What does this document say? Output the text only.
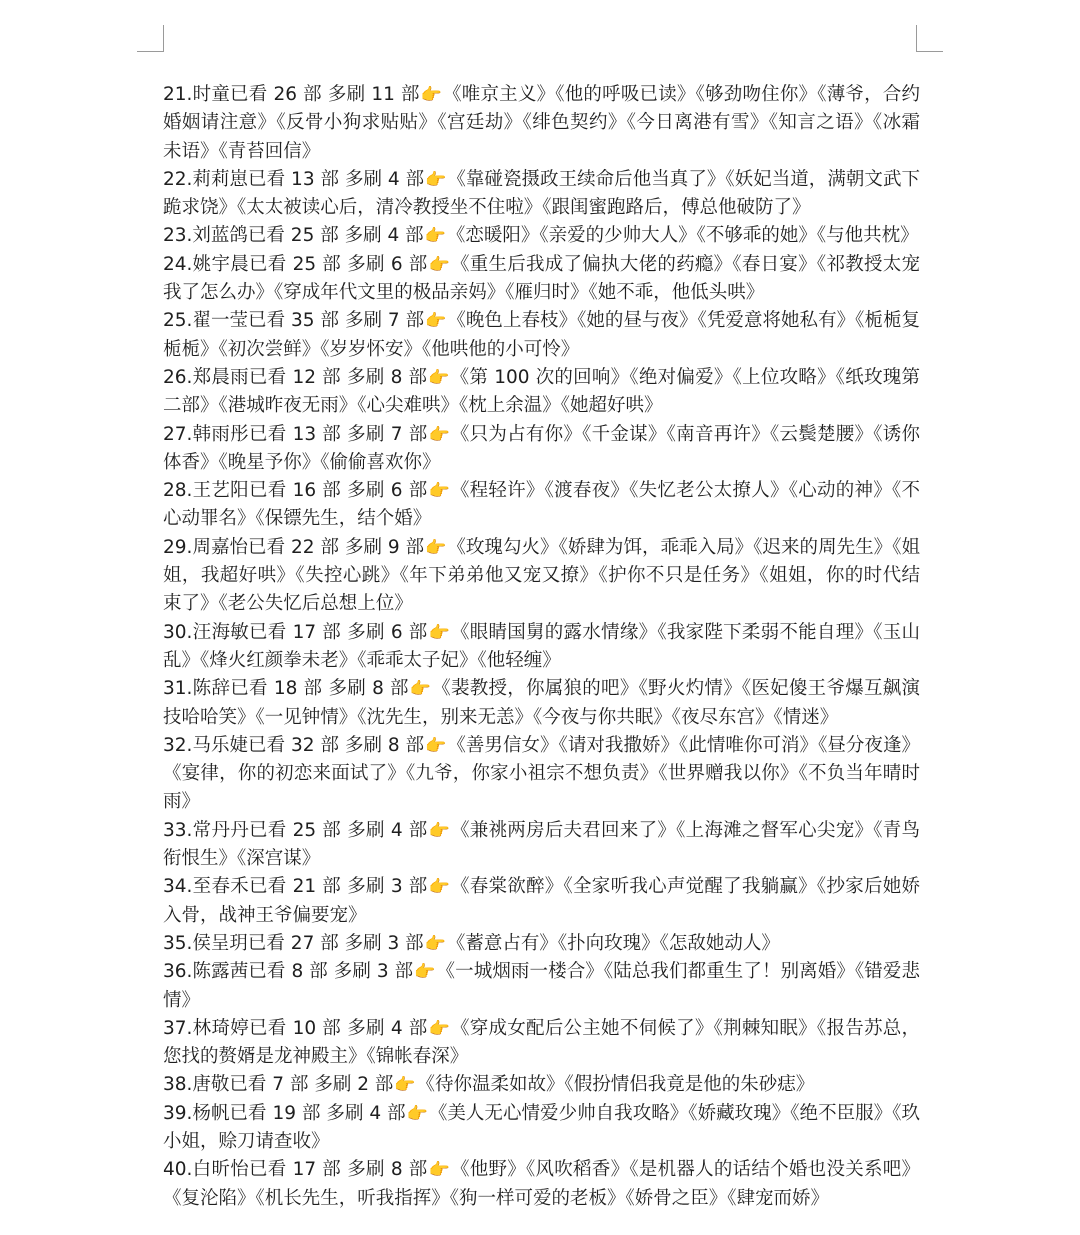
21.时童已看 26 部 多刷 11 部👉《唯京主义》《他的呼吸已读》《够劲吻住你》《薄爷，合约婚姻请注意》《反骨小狗求贴贴》《宫廷劫》《绯色契约》《今日离港有雪》《知言之语》《冰霜未语》《青苔回信》
22.莉莉崽已看 13 部 多刷 4 部👉《靠碰瓷摄政王续命后他当真了》《妖妃当道，满朝文武下跪求饶》《太太被读心后，清冷教授坐不住啦》《跟闺蜜跑路后，傅总他破防了》
23.刘蓝鸽已看 25 部 多刷 4 部👉《恋暖阳》《亲爱的少帅大人》《不够乖的她》《与他共枕》
24.姚宇晨已看 25 部 多刷 6 部👉《重生后我成了偏执大佬的药瘾》《春日宴》《祁教授太宠我了怎么办》《穿成年代文里的极品亲妈》《雁归时》《她不乖，他低头哄》
25.翟一莹已看 35 部 多刷 7 部👉《晚色上春枝》《她的昼与夜》《凭爱意将她私有》《栀栀复栀栀》《初次尝鲜》《岁岁怀安》《他哄他的小可怜》
26.郑晨雨已看 12 部 多刷 8 部👉《第 100 次的回响》《绝对偏爱》《上位攻略》《纸玫瑰第二部》《港城昨夜无雨》《心尖难哄》《枕上余温》《她超好哄》
27.韩雨彤已看 13 部 多刷 7 部👉《只为占有你》《千金谋》《南音再许》《云鬓楚腰》《诱你体香》《晚星予你》《偷偷喜欢你》
28.王艺阳已看 16 部 多刷 6 部👉《程轻许》《渡春夜》《失忆老公太撩人》《心动的神》《不心动罪名》《保镖先生，结个婚》
29.周嘉怡已看 22 部 多刷 9 部👉《玫瑰勾火》《娇肆为饵，乖乖入局》《迟来的周先生》《姐姐，我超好哄》《失控心跳》《年下弟弟他又宠又撩》《护你不只是任务》《姐姐，你的时代结束了》《老公失忆后总想上位》
30.汪海敏已看 17 部 多刷 6 部👉《眼睛国舅的露水情缘》《我家陛下柔弱不能自理》《玉山乱》《烽火红颜拳未老》《乖乖太子妃》《他轻缠》
31.陈辞已看 18 部 多刷 8 部👉《裴教授，你属狼的吧》《野火灼情》《医妃傻王爷爆互飙演技哈哈笑》《一见钟情》《沈先生，别来无恙》《今夜与你共眠》《夜尽东宫》《情迷》
32.马乐婕已看 32 部 多刷 8 部👉《善男信女》《请对我撒娇》《此情唯你可消》《昼分夜逢》《宴律，你的初恋来面试了》《九爷，你家小祖宗不想负责》《世界赠我以你》《不负当年晴时雨》
33.常丹丹已看 25 部 多刷 4 部👉《兼祧两房后夫君回来了》《上海滩之督军心尖宠》《青鸟衔恨生》《深宫谋》
34.至春禾已看 21 部 多刷 3 部👉《春棠欲醉》《全家听我心声觉醒了我躺赢》《抄家后她娇入骨，战神王爷偏要宠》
35.侯呈玥已看 27 部 多刷 3 部👉《蓄意占有》《扑向玫瑰》《怎敌她动人》
36.陈露茜已看 8 部 多刷 3 部👉《一城烟雨一楼合》《陆总我们都重生了！别离婚》《错爱悲情》
37.林琦婷已看 10 部 多刷 4 部👉《穿成女配后公主她不伺候了》《荆棘知眠》《报告苏总，您找的赘婿是龙神殿主》《锦帐春深》
38.唐敬已看 7 部 多刷 2 部👉《待你温柔如故》《假扮情侣我竟是他的朱砂痣》
39.杨帆已看 19 部 多刷 4 部👉《美人无心情爱少帅自我攻略》《娇藏玫瑰》《绝不臣服》《玖小姐，赊刀请查收》
40.白昕怡已看 17 部 多刷 8 部👉《他野》《风吹稻香》《是机器人的话结个婚也没关系吧》《复沦陷》《机长先生，听我指挥》《狗一样可爱的老板》《娇骨之臣》《肆宠而娇》
